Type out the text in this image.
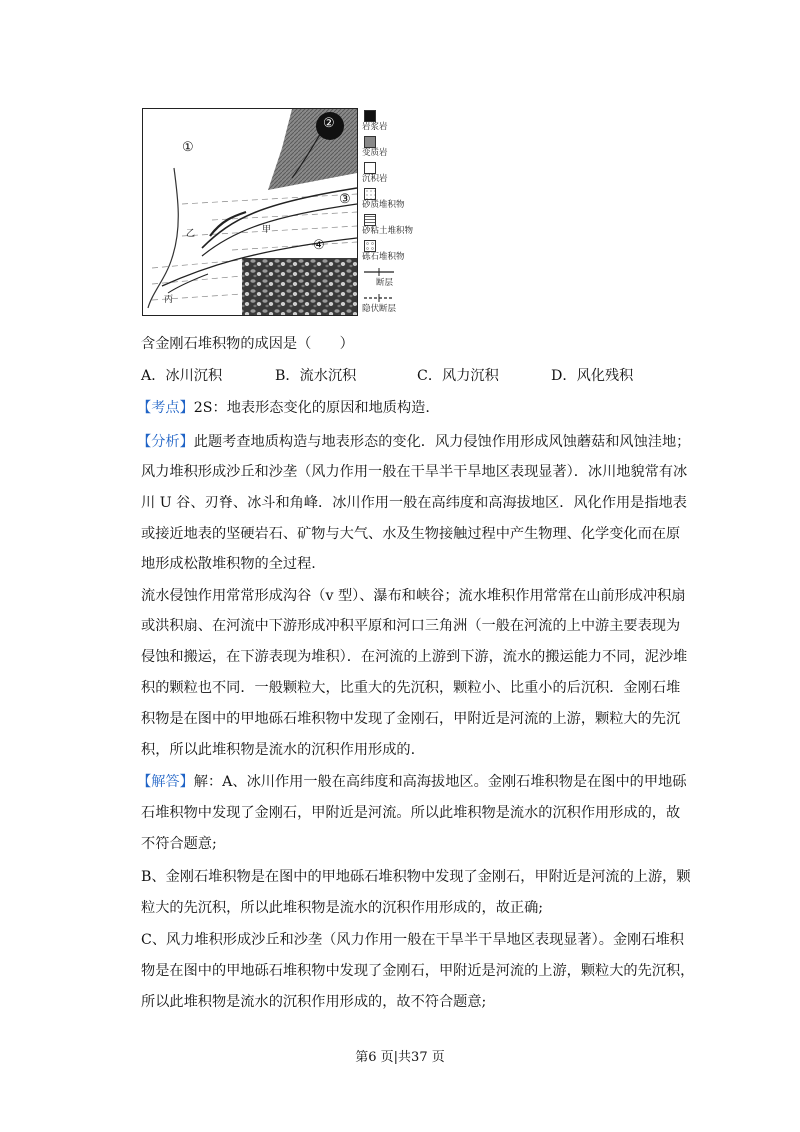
①
②
③
④
乙	甲
丙
岩浆岩
变质岩
沉积岩
砂质堆积物
砂粘土堆积物
砾石堆积物
断层
隐伏断层
含金刚石堆积物的成因是（　　）
A．冰川沉积	B．流水沉积	C．风力沉积	D．风化残积
【考点】2S：地表形态变化的原因和地质构造.
【分析】此题考查地质构造与地表形态的变化．风力侵蚀作用形成风蚀蘑菇和风蚀洼地；
风力堆积形成沙丘和沙垄（风力作用一般在干旱半干旱地区表现显著）．冰川地貌常有冰
川 U 谷、刃脊、冰斗和角峰．冰川作用一般在高纬度和高海拔地区．风化作用是指地表
或接近地表的坚硬岩石、矿物与大气、水及生物接触过程中产生物理、化学变化而在原
地形成松散堆积物的全过程.
流水侵蚀作用常常形成沟谷（v 型）、瀑布和峡谷；流水堆积作用常常在山前形成冲积扇
或洪积扇、在河流中下游形成冲积平原和河口三角洲（一般在河流的上中游主要表现为
侵蚀和搬运，在下游表现为堆积）．在河流的上游到下游，流水的搬运能力不同，泥沙堆
积的颗粒也不同．一般颗粒大，比重大的先沉积，颗粒小、比重小的后沉积．金刚石堆
积物是在图中的甲地砾石堆积物中发现了金刚石，甲附近是河流的上游，颗粒大的先沉
积，所以此堆积物是流水的沉积作用形成的.
【解答】解：A、冰川作用一般在高纬度和高海拔地区。金刚石堆积物是在图中的甲地砾
石堆积物中发现了金刚石，甲附近是河流。所以此堆积物是流水的沉积作用形成的，故
不符合题意;
B、金刚石堆积物是在图中的甲地砾石堆积物中发现了金刚石，甲附近是河流的上游，颗
粒大的先沉积，所以此堆积物是流水的沉积作用形成的，故正确;
C、风力堆积形成沙丘和沙垄（风力作用一般在干旱半干旱地区表现显著）。金刚石堆积
物是在图中的甲地砾石堆积物中发现了金刚石，甲附近是河流的上游，颗粒大的先沉积，
所以此堆积物是流水的沉积作用形成的，故不符合题意;
第6 页|共37 页
